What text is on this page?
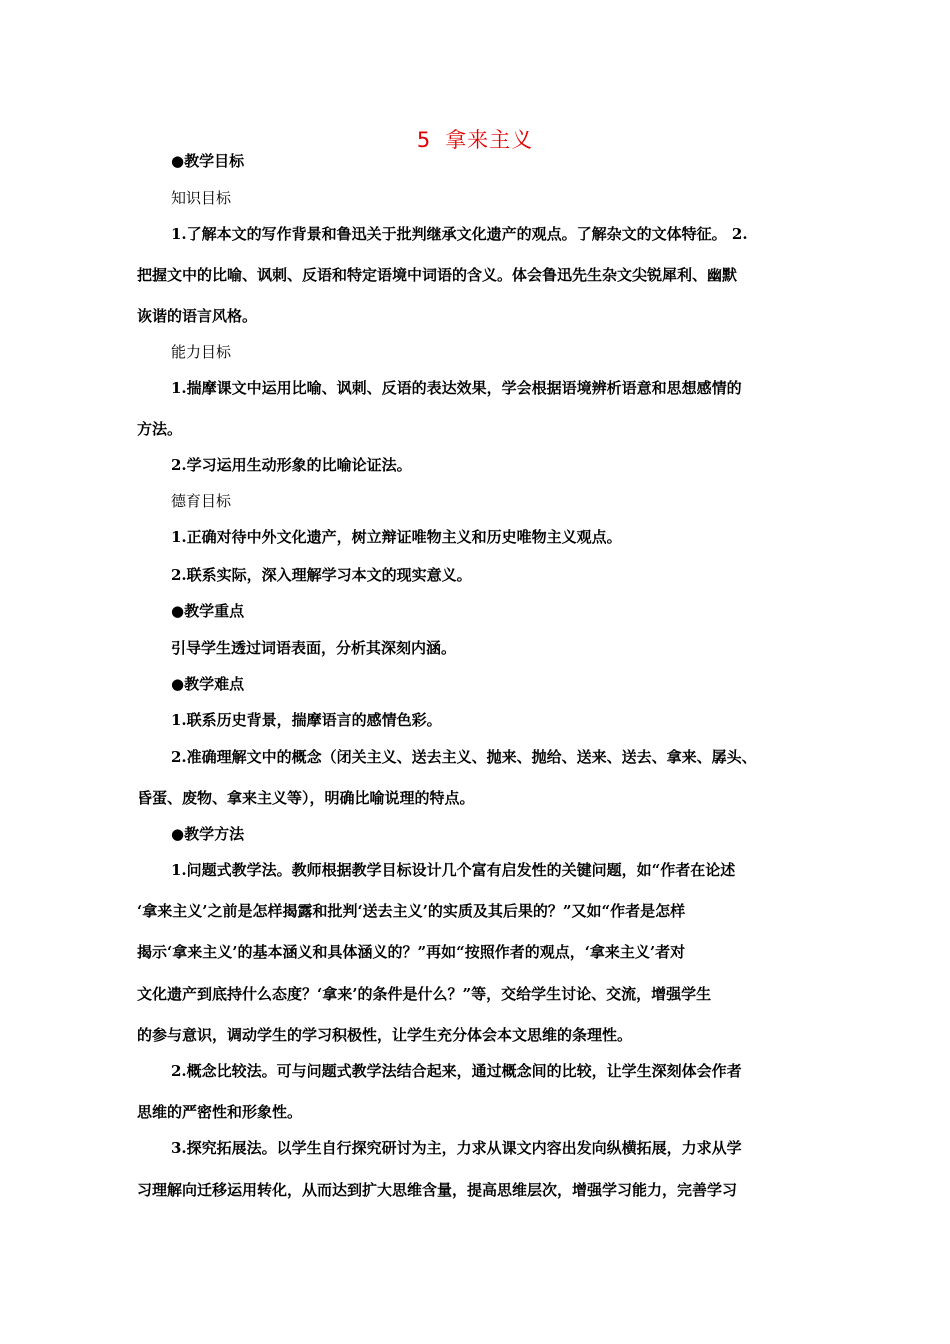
5 拿来主义
●教学目标
知识目标
1.了解本文的写作背景和鲁迅关于批判继承文化遗产的观点。了解杂文的文体特征。 2.
把握文中的比喻、讽刺、反语和特定语境中词语的含义。体会鲁迅先生杂文尖锐犀利、幽默
诙谐的语言风格。
能力目标
1.揣摩课文中运用比喻、讽刺、反语的表达效果，学会根据语境辨析语意和思想感情的
方法。
2.学习运用生动形象的比喻论证法。
德育目标
1.正确对待中外文化遗产，树立辩证唯物主义和历史唯物主义观点。
2.联系实际，深入理解学习本文的现实意义。
●教学重点
引导学生透过词语表面，分析其深刻内涵。
●教学难点
1.联系历史背景，揣摩语言的感情色彩。
2.准确理解文中的概念（闭关主义、送去主义、抛来、抛给、送来、送去、拿来、孱头、
昏蛋、废物、拿来主义等），明确比喻说理的特点。
●教学方法
1.问题式教学法。教师根据教学目标设计几个富有启发性的关键问题，如“作者在论述
‘拿来主义’之前是怎样揭露和批判‘送去主义’的实质及其后果的？”又如“作者是怎样
揭示‘拿来主义’的基本涵义和具体涵义的？”再如“按照作者的观点，‘拿来主义’者对
文化遗产到底持什么态度？‘拿来’的条件是什么？”等，交给学生讨论、交流，增强学生
的参与意识，调动学生的学习积极性，让学生充分体会本文思维的条理性。
2.概念比较法。可与问题式教学法结合起来，通过概念间的比较，让学生深刻体会作者
思维的严密性和形象性。
3.探究拓展法。以学生自行探究研讨为主，力求从课文内容出发向纵横拓展，力求从学
习理解向迁移运用转化，从而达到扩大思维含量，提高思维层次，增强学习能力，完善学习
